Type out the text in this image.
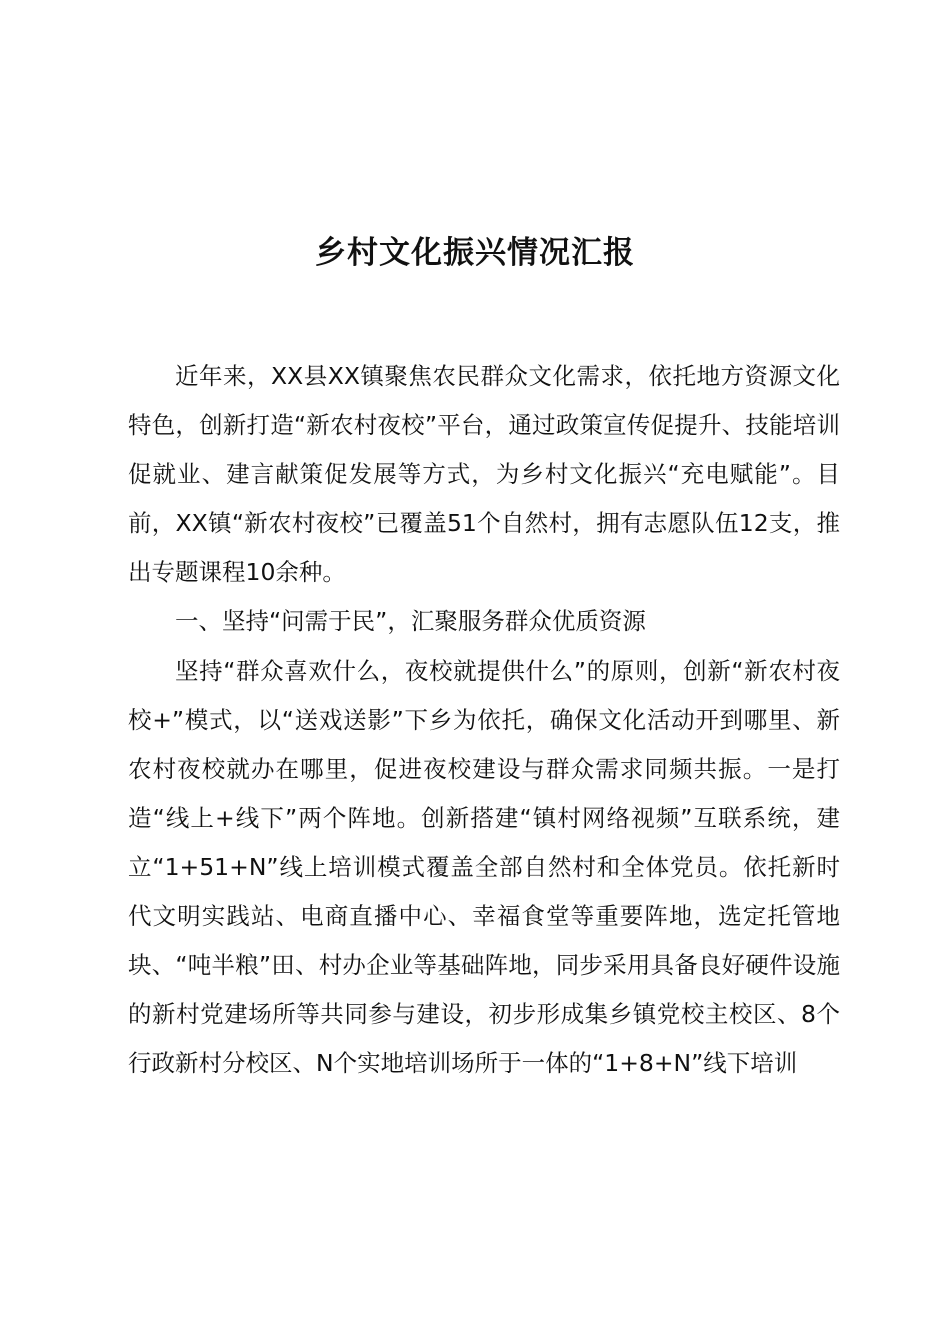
乡村文化振兴情况汇报

近年来，XX县XX镇聚焦农民群众文化需求，依托地方资源文化特色，创新打造“新农村夜校”平台，通过政策宣传促提升、技能培训促就业、建言献策促发展等方式，为乡村文化振兴“充电赋能”。目前，XX镇“新农村夜校”已覆盖51个自然村，拥有志愿队伍12支，推出专题课程10余种。

一、坚持“问需于民”，汇聚服务群众优质资源

坚持“群众喜欢什么，夜校就提供什么”的原则，创新“新农村夜校+”模式，以“送戏送影”下乡为依托，确保文化活动开到哪里、新农村夜校就办在哪里，促进夜校建设与群众需求同频共振。一是打造“线上+线下”两个阵地。创新搭建“镇村网络视频”互联系统，建立“1+51+N”线上培训模式覆盖全部自然村和全体党员。依托新时代文明实践站、电商直播中心、幸福食堂等重要阵地，选定托管地块、“吨半粮”田、村办企业等基础阵地，同步采用具备良好硬件设施的新村党建场所等共同参与建设，初步形成集乡镇党校主校区、8个行政新村分校区、N个实地培训场所于一体的“1+8+N”线下培训
